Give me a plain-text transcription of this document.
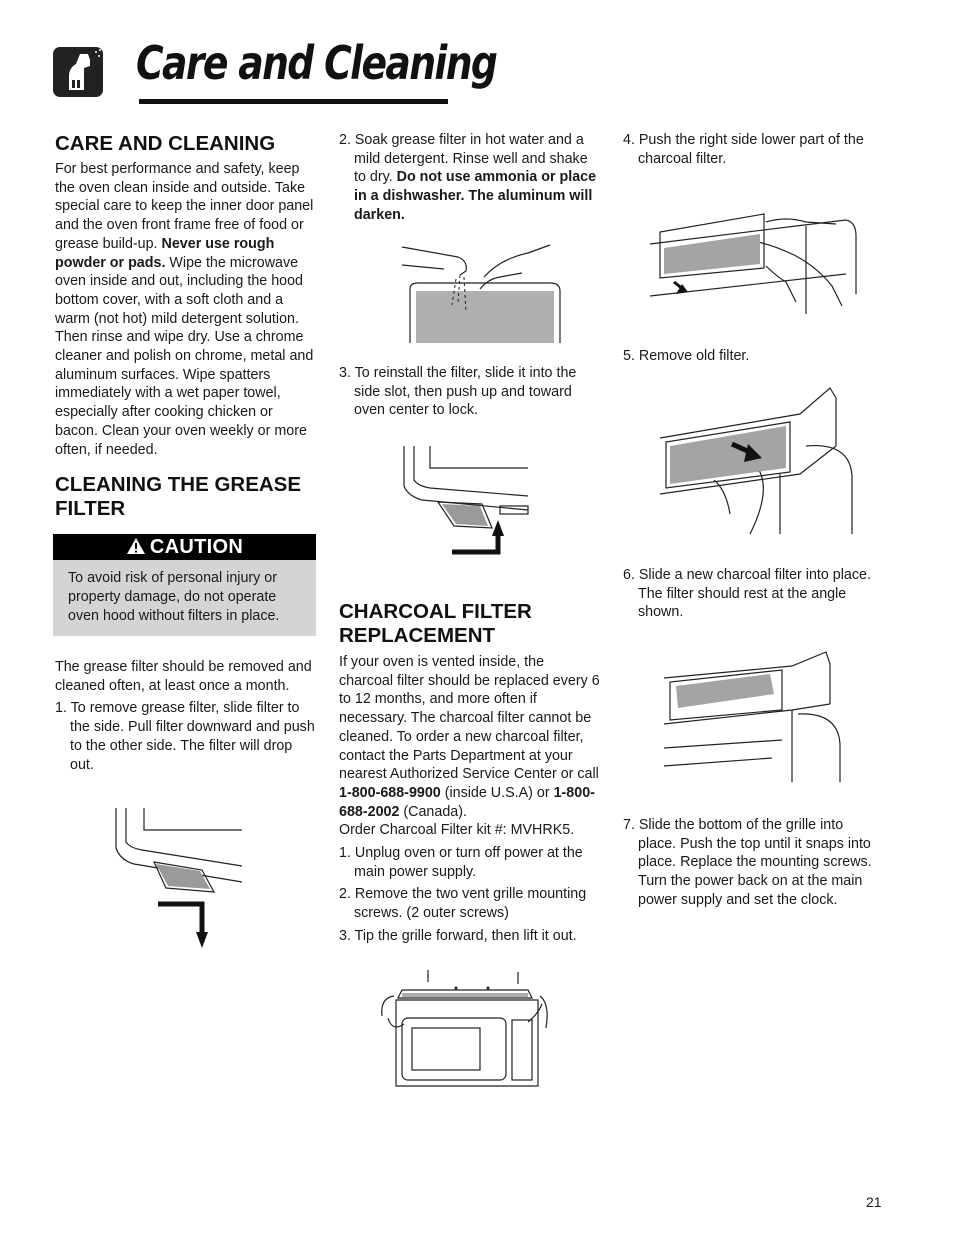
Care and Cleaning
CARE AND CLEANING

For best performance and safety, keep the oven clean inside and outside. Take special care to keep the inner door panel and the oven front frame free of food or grease build-up. Never use rough powder or pads. Wipe the microwave oven inside and out, including the hood bottom cover, with a soft cloth and a warm (not hot) mild detergent solution. Then rinse and wipe dry. Use a chrome cleaner and polish on chrome, metal and aluminum surfaces. Wipe spatters immediately with a wet paper towel, especially after cooking chicken or bacon. Clean your oven weekly or more often, if needed.

CLEANING THE GREASE FILTER
CAUTION
To avoid risk of personal injury or property damage, do not operate oven hood without filters in place.

The grease filter should be removed and cleaned often, at least once a month.

1. To remove grease filter, slide filter to the side. Pull filter downward and push to the other side. The filter will drop out.

2. Soak grease filter in hot water and a mild detergent. Rinse well and shake to dry. Do not use ammonia or place in a dishwasher. The aluminum will darken.

3. To reinstall the filter, slide it into the side slot, then push up and toward oven center to lock.

CHARCOAL FILTER REPLACEMENT

If your oven is vented inside, the charcoal filter should be replaced every 6 to 12 months, and more often if necessary. The charcoal filter cannot be cleaned. To order a new charcoal filter, contact the Parts Department at your nearest Authorized Service Center or call 1-800-688-9900 (inside U.S.A) or 1-800-688-2002 (Canada).

Order Charcoal Filter kit #: MVHRK5.

1. Unplug oven or turn off power at the main power supply.

2. Remove the two vent grille mounting screws. (2 outer screws)

3. Tip the grille forward, then lift it out.

4. Push the right side lower part of the charcoal filter.

5. Remove old filter.

6. Slide a new charcoal filter into place. The filter should rest at the angle shown.

7. Slide the bottom of the grille into place. Push the top until it snaps into place. Replace the mounting screws. Turn the power back on at the main power supply and set the clock.

21
